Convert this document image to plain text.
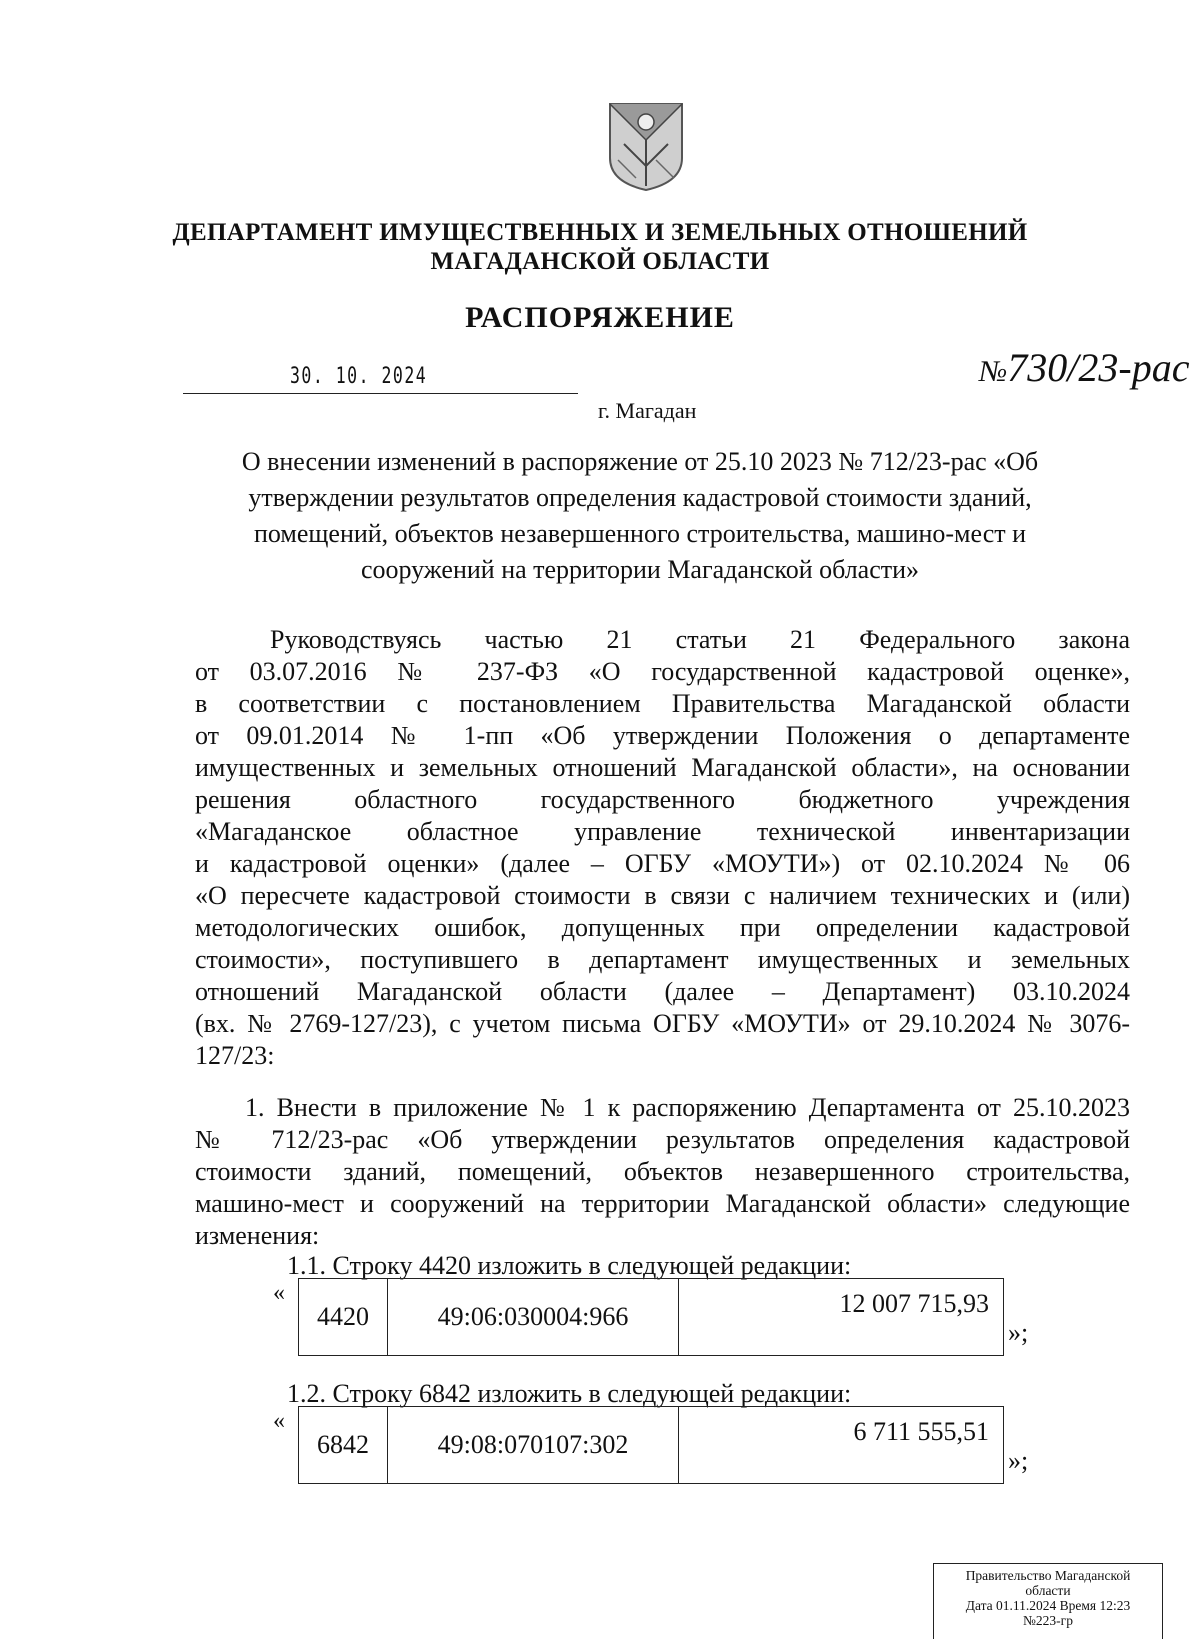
ДЕПАРТАМЕНТ ИМУЩЕСТВЕННЫХ И ЗЕМЕЛЬНЫХ ОТНОШЕНИЙ
МАГАДАНСКОЙ ОБЛАСТИ
РАСПОРЯЖЕНИЕ
30. 10. 2024	№730/23-рас
г. Магадан
О внесении изменений в распоряжение от 25.10 2023 № 712/23-рас «Об
утверждении результатов определения кадастровой стоимости зданий,
помещений, объектов незавершенного строительства, машино-мест и
сооружений на территории Магаданской области»
Руководствуясь частью 21 статьи 21 Федерального закона
от 03.07.2016 № 237-ФЗ «О государственной кадастровой оценке»,
в соответствии с постановлением Правительства Магаданской области
от 09.01.2014 № 1-пп «Об утверждении Положения о департаменте
имущественных и земельных отношений Магаданской области», на основании
решения областного государственного бюджетного учреждения
«Магаданское областное управление технической инвентаризации
и кадастровой оценки» (далее – ОГБУ «МОУТИ») от 02.10.2024 № 06
«О пересчете кадастровой стоимости в связи с наличием технических и (или)
методологических ошибок, допущенных при определении кадастровой
стоимости», поступившего в департамент имущественных и земельных
отношений Магаданской области (далее – Департамент) 03.10.2024
(вх. № 2769-127/23), с учетом письма ОГБУ «МОУТИ» от 29.10.2024 № 3076-
127/23:
1. Внести в приложение № 1 к распоряжению Департамента от 25.10.2023
№ 712/23-рас «Об утверждении результатов определения кадастровой
стоимости зданий, помещений, объектов незавершенного строительства,
машино-мест и сооружений на территории Магаданской области» следующие
изменения:
1.1. Строку 4420 изложить в следующей редакции:
«
4420	49:06:030004:966	12 007 715,93
»;
1.2. Строку 6842 изложить в следующей редакции:
«
6842	49:08:070107:302	6 711 555,51
»;
Правительство Магаданской
области
Дата 01.11.2024 Время 12:23
№223-гр
